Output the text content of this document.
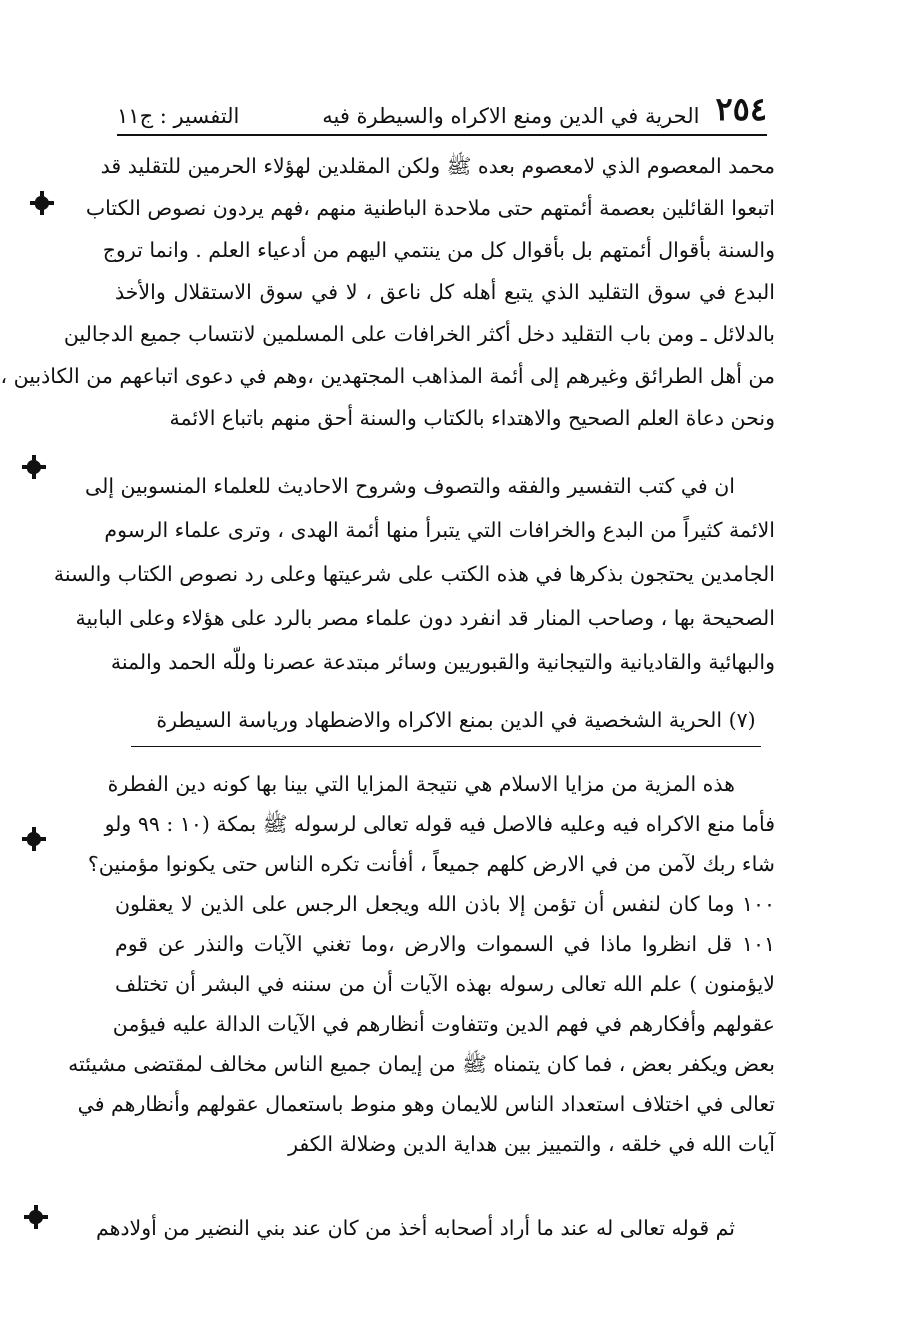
٢٥٤
الحرية في الدين ومنع الاكراه والسيطرة فيه
التفسير : ج١١
محمد المعصوم الذي لامعصوم بعده ﷺ ولكن المقلدين لهؤلاء الحرمين للتقليد قد
اتبعوا القائلين بعصمة أئمتهم حتى ملاحدة الباطنية منهم ،فهم يردون نصوص الكتاب
والسنة بأقوال أئمتهم بل بأقوال كل من ينتمي اليهم من أدعياء العلم . وانما تروج
البدع في سوق التقليد الذي يتبع أهله كل ناعق ، لا في سوق الاستقلال والأخذ
بالدلائل ـ ومن باب التقليد دخل أكثر الخرافات على المسلمين لانتساب جميع الدجالين
من أهل الطرائق وغيرهم إلى أئمة المذاهب المجتهدين ،وهم في دعوى اتباعهم من الكاذبين ،
ونحن دعاة العلم الصحيح والاهتداء بالكتاب والسنة أحق منهم باتباع الائمة
ان في كتب التفسير والفقه والتصوف وشروح الاحاديث للعلماء المنسوبين إلى
الائمة كثيراً من البدع والخرافات التي يتبرأ منها أئمة الهدى ، وترى علماء الرسوم
الجامدين يحتجون بذكرها في هذه الكتب على شرعيتها وعلى رد نصوص الكتاب والسنة
الصحيحة بها ، وصاحب المنار قد انفرد دون علماء مصر بالرد على هؤلاء وعلى البابية
والبهائية والقاديانية والتيجانية والقبوريين وسائر مبتدعة عصرنا وللّه الحمد والمنة
(٧) الحرية الشخصية في الدين بمنع الاكراه والاضطهاد ورياسة السيطرة
هذه المزية من مزايا الاسلام هي نتيجة المزايا التي بينا بها كونه دين الفطرة
فأما منع الاكراه فيه وعليه فالاصل فيه قوله تعالى لرسوله ﷺ بمكة (١٠ : ٩٩ ولو
شاء ربك لآمن من في الارض كلهم جميعاً ، أفأنت تكره الناس حتى يكونوا مؤمنين؟
١٠٠ وما كان لنفس أن تؤمن إلا باذن الله ويجعل الرجس على الذين لا يعقلون
١٠١ قل انظروا ماذا في السموات والارض ،وما تغني الآيات والنذر عن قوم
لايؤمنون ) علم الله تعالى رسوله بهذه الآيات أن من سننه في البشر أن تختلف
عقولهم وأفكارهم في فهم الدين وتتفاوت أنظارهم في الآيات الدالة عليه فيؤمن
بعض ويكفر بعض ، فما كان يتمناه ﷺ من إيمان جميع الناس مخالف لمقتضى مشيئته
تعالى في اختلاف استعداد الناس للايمان وهو منوط باستعمال عقولهم وأنظارهم في
آيات الله في خلقه ، والتمييز بين هداية الدين وضلالة الكفر
ثم قوله تعالى له عند ما أراد أصحابه أخذ من كان عند بني النضير من أولادهم
